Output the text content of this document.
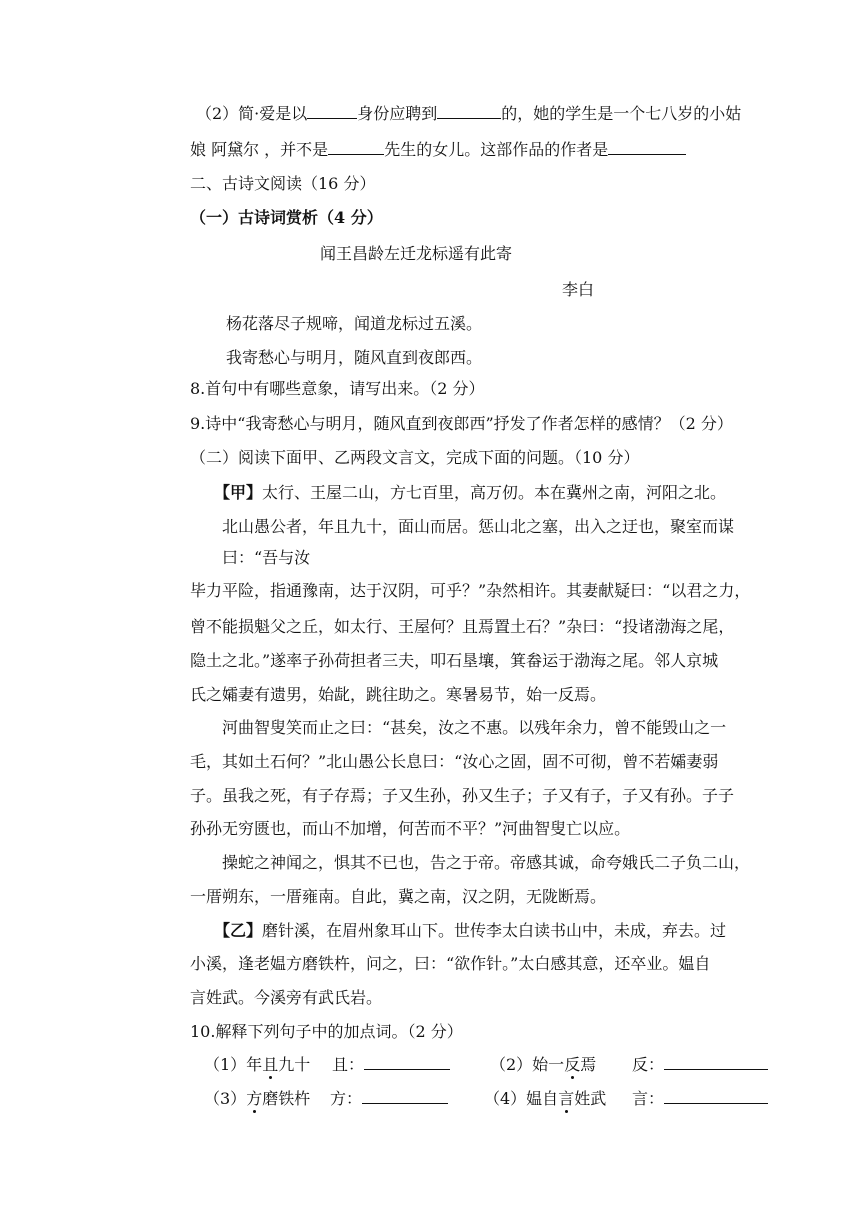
（2）简·爱是以	身份应聘到	的，她的学生是一个七八岁的小姑
娘 阿黛尔 ，并不是	先生的女儿。这部作品的作者是
二、古诗文阅读（16 分）
（一）古诗词赏析（4 分）
闻王昌龄左迁龙标遥有此寄
李白
杨花落尽子规啼，闻道龙标过五溪。
我寄愁心与明月，随风直到夜郎西。
8.首句中有哪些意象，请写出来。（2 分）
9.诗中“我寄愁心与明月，随风直到夜郎西”抒发了作者怎样的感情？（2 分）
（二）阅读下面甲、乙两段文言文，完成下面的问题。（10 分）
【甲】太行、王屋二山，方七百里，高万仞。本在冀州之南，河阳之北。
北山愚公者，年且九十，面山而居。惩山北之塞，出入之迂也，聚室而谋
曰：“吾与汝
毕力平险，指通豫南，达于汉阴，可乎？”杂然相许。其妻献疑曰：“以君之力，
曾不能损魁父之丘，如太行、王屋何？且焉置土石？”杂曰：“投诸渤海之尾，
隐土之北。”遂率子孙荷担者三夫，叩石垦壤，箕畚运于渤海之尾。邻人京城
氏之孀妻有遗男，始龀，跳往助之。寒暑易节，始一反焉。
河曲智叟笑而止之曰：“甚矣，汝之不惠。以残年余力，曾不能毁山之一
毛，其如土石何？”北山愚公长息曰：“汝心之固，固不可彻，曾不若孀妻弱
子。虽我之死，有子存焉；子又生孙，孙又生子；子又有子，子又有孙。子子
孙孙无穷匮也，而山不加增，何苦而不平？”河曲智叟亡以应。
操蛇之神闻之，惧其不已也，告之于帝。帝感其诚，命夸娥氏二子负二山，
一厝朔东，一厝雍南。自此，冀之南，汉之阴，无陇断焉。
【乙】磨针溪，在眉州象耳山下。世传李太白读书山中，未成，弃去。过
小溪，逢老媪方磨铁杵，问之，曰：“欲作针。”太白感其意，还卒业。媪自
言姓武。今溪旁有武氏岩。
10.解释下列句子中的加点词。（2 分）
（1）年且九十 且：	（2）始一反焉 反：
（3）方磨铁杵 方：	（4）媪自言姓武 言：
